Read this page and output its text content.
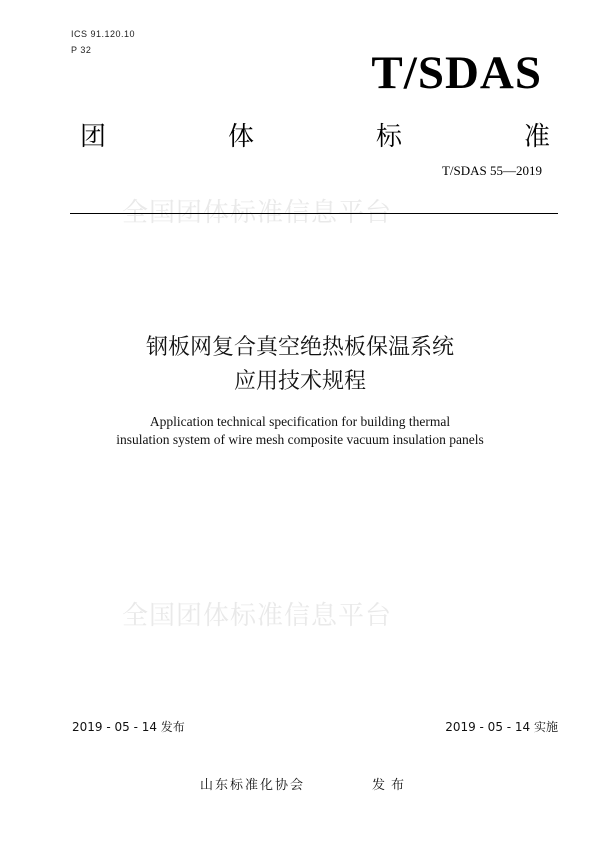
ICS 91.120.10
P 32	T/SDAS
团	体	标	准
T/SDAS 55—2019
全国团体标准信息平台
钢板网复合真空绝热板保温系统
应用技术规程
Application technical specification for building thermal
insulation system of wire mesh composite vacuum insulation panels
全国团体标准信息平台
2019 - 05 - 14 发布	2019 - 05 - 14 实施
山东标准化协会	发布
